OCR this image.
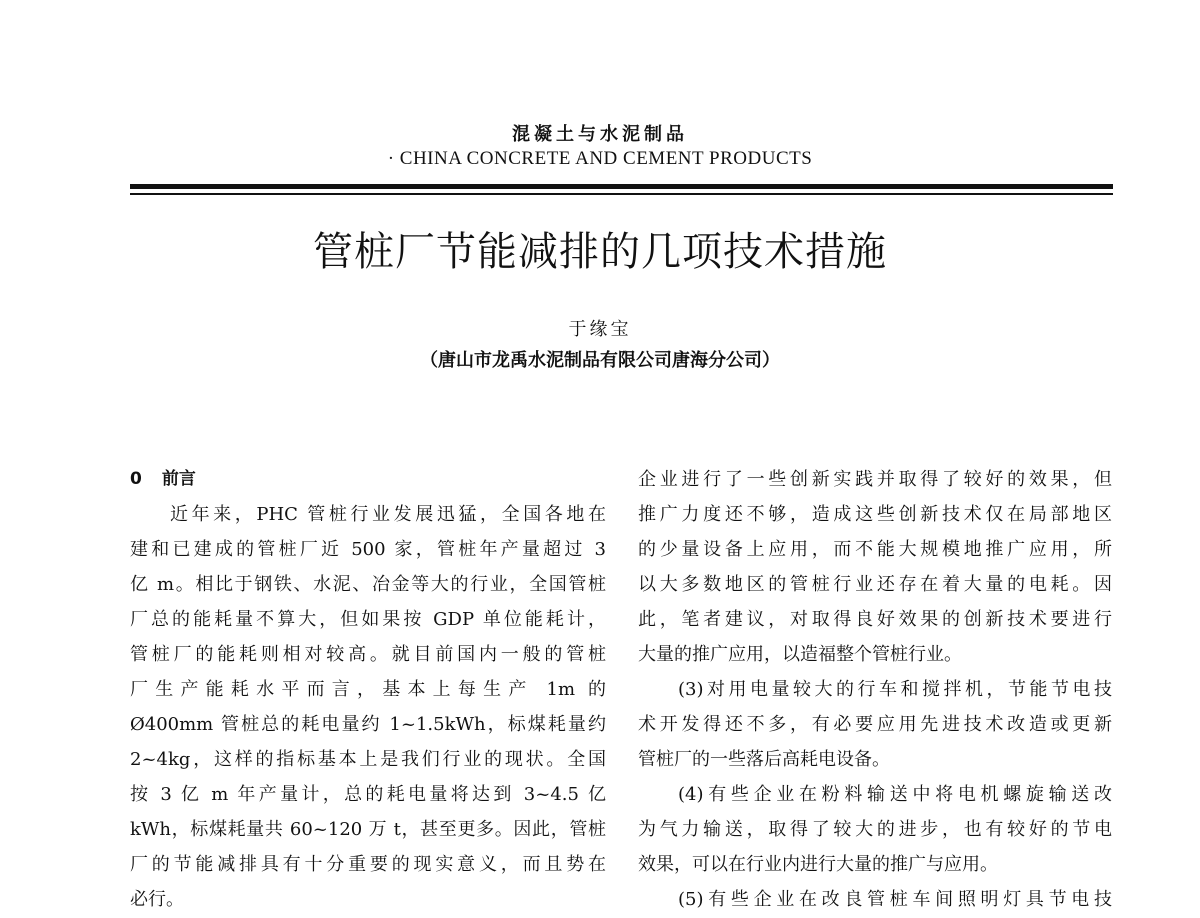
混凝土与水泥制品
· CHINA CONCRETE AND CEMENT PRODUCTS
管桩厂节能减排的几项技术措施
于缘宝
（唐山市龙禹水泥制品有限公司唐海分公司）
0 前言
近年来，PHC 管桩行业发展迅猛，全国各地在
建和已建成的管桩厂近 500 家，管桩年产量超过 3
亿 m。相比于钢铁、水泥、冶金等大的行业，全国管桩
厂总的能耗量不算大，但如果按 GDP 单位能耗计，
管桩厂的能耗则相对较高。就目前国内一般的管桩
厂生产能耗水平而言，基本上每生产 1m 的
Ø400mm 管桩总的耗电量约 1~1.5kWh，标煤耗量约
2~4kg，这样的指标基本上是我们行业的现状。全国
按 3 亿 m 年产量计，总的耗电量将达到 3~4.5 亿
kWh，标煤耗量共 60~120 万 t，甚至更多。因此，管桩
厂的节能减排具有十分重要的现实意义，而且势在
必行。
企业进行了一些创新实践并取得了较好的效果，但
推广力度还不够，造成这些创新技术仅在局部地区
的少量设备上应用，而不能大规模地推广应用，所
以大多数地区的管桩行业还存在着大量的电耗。因
此，笔者建议，对取得良好效果的创新技术要进行
大量的推广应用，以造福整个管桩行业。
(3)对用电量较大的行车和搅拌机，节能节电技
术开发得还不多，有必要应用先进技术改造或更新
管桩厂的一些落后高耗电设备。
(4)有些企业在粉料输送中将电机螺旋输送改
为气力输送，取得了较大的进步，也有较好的节电
效果，可以在行业内进行大量的推广与应用。
(5)有些企业在改良管桩车间照明灯具节电技
